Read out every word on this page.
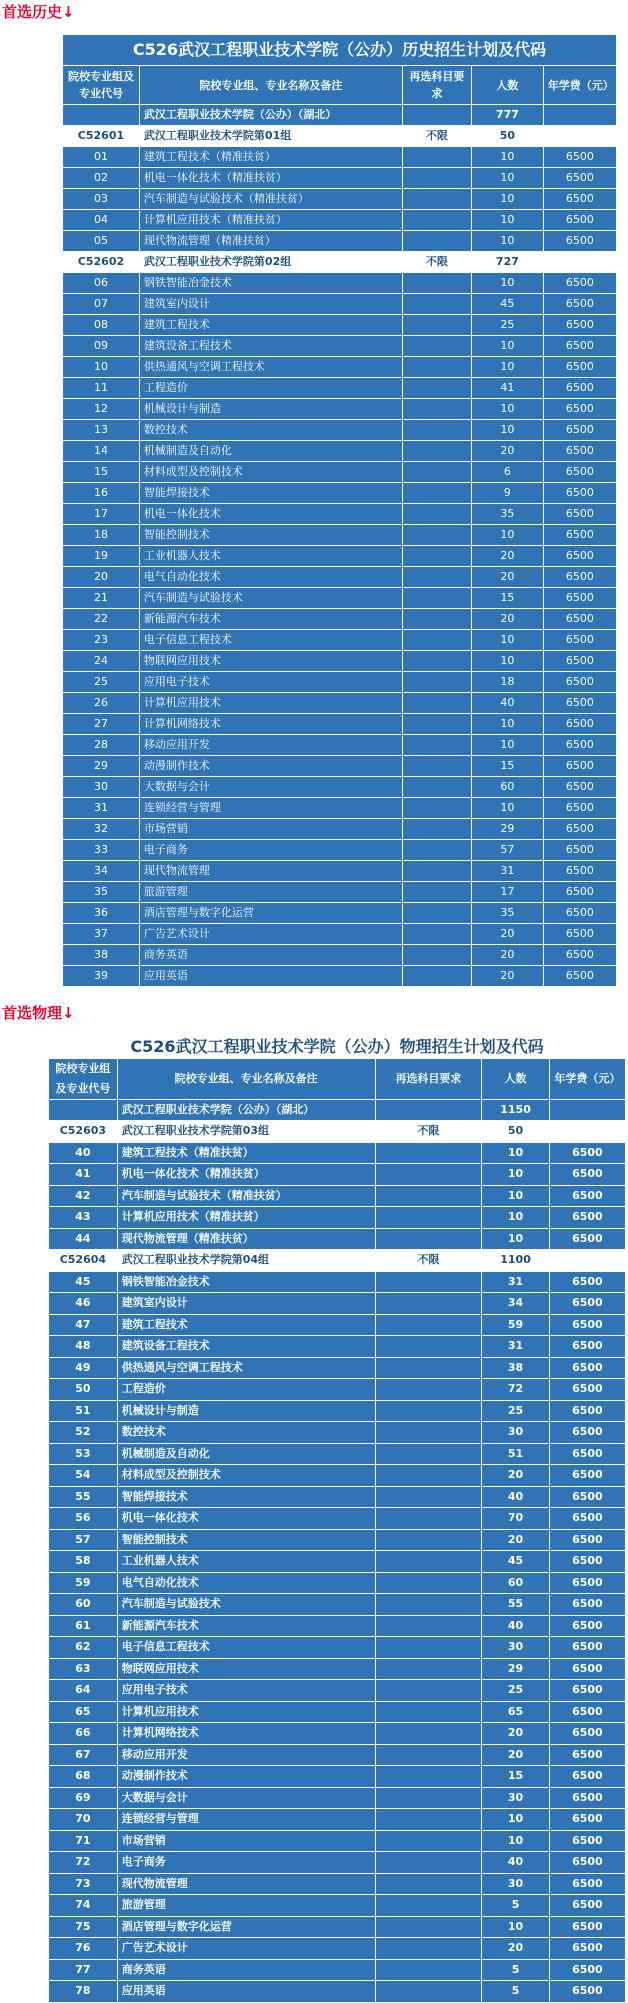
首选历史↓
C526武汉工程职业技术学院（公办）历史招生计划及代码				
院校专业组及专业代号	院校专业组、专业名称及备注	再选科目要求	人数	年学费（元）
	武汉工程职业技术学院（公办）（湖北）		777	
C52601	武汉工程职业技术学院第01组	不限	50	
01	建筑工程技术（精准扶贫）		10	6500
02	机电一体化技术（精准扶贫）		10	6500
03	汽车制造与试验技术（精准扶贫）		10	6500
04	计算机应用技术（精准扶贫）		10	6500
05	现代物流管理（精准扶贫）		10	6500
C52602	武汉工程职业技术学院第02组	不限	727	
06	钢铁智能冶金技术		10	6500
07	建筑室内设计		45	6500
08	建筑工程技术		25	6500
09	建筑设备工程技术		10	6500
10	供热通风与空调工程技术		10	6500
11	工程造价		41	6500
12	机械设计与制造		10	6500
13	数控技术		10	6500
14	机械制造及自动化		20	6500
15	材料成型及控制技术		6	6500
16	智能焊接技术		9	6500
17	机电一体化技术		35	6500
18	智能控制技术		10	6500
19	工业机器人技术		20	6500
20	电气自动化技术		20	6500
21	汽车制造与试验技术		15	6500
22	新能源汽车技术		20	6500
23	电子信息工程技术		10	6500
24	物联网应用技术		10	6500
25	应用电子技术		18	6500
26	计算机应用技术		40	6500
27	计算机网络技术		10	6500
28	移动应用开发		10	6500
29	动漫制作技术		15	6500
30	大数据与会计		60	6500
31	连锁经营与管理		10	6500
32	市场营销		29	6500
33	电子商务		57	6500
34	现代物流管理		31	6500
35	旅游管理		17	6500
36	酒店管理与数字化运营		35	6500
37	广告艺术设计		20	6500
38	商务英语		20	6500
39	应用英语		20	6500
首选物理↓
C526武汉工程职业技术学院（公办）物理招生计划及代码				
院校专业组及专业代号	院校专业组、专业名称及备注	再选科目要求	人数	年学费（元）
	武汉工程职业技术学院（公办）（湖北）		1150	
C52603	武汉工程职业技术学院第03组	不限	50	
40	建筑工程技术（精准扶贫）		10	6500
41	机电一体化技术（精准扶贫）		10	6500
42	汽车制造与试验技术（精准扶贫）		10	6500
43	计算机应用技术（精准扶贫）		10	6500
44	现代物流管理（精准扶贫）		10	6500
C52604	武汉工程职业技术学院第04组	不限	1100	
45	钢铁智能冶金技术		31	6500
46	建筑室内设计		34	6500
47	建筑工程技术		59	6500
48	建筑设备工程技术		31	6500
49	供热通风与空调工程技术		38	6500
50	工程造价		72	6500
51	机械设计与制造		25	6500
52	数控技术		30	6500
53	机械制造及自动化		51	6500
54	材料成型及控制技术		20	6500
55	智能焊接技术		40	6500
56	机电一体化技术		70	6500
57	智能控制技术		20	6500
58	工业机器人技术		45	6500
59	电气自动化技术		60	6500
60	汽车制造与试验技术		55	6500
61	新能源汽车技术		40	6500
62	电子信息工程技术		30	6500
63	物联网应用技术		29	6500
64	应用电子技术		25	6500
65	计算机应用技术		65	6500
66	计算机网络技术		20	6500
67	移动应用开发		20	6500
68	动漫制作技术		15	6500
69	大数据与会计		30	6500
70	连锁经营与管理		10	6500
71	市场营销		10	6500
72	电子商务		40	6500
73	现代物流管理		30	6500
74	旅游管理		5	6500
75	酒店管理与数字化运营		10	6500
76	广告艺术设计		20	6500
77	商务英语		5	6500
78	应用英语		5	6500
